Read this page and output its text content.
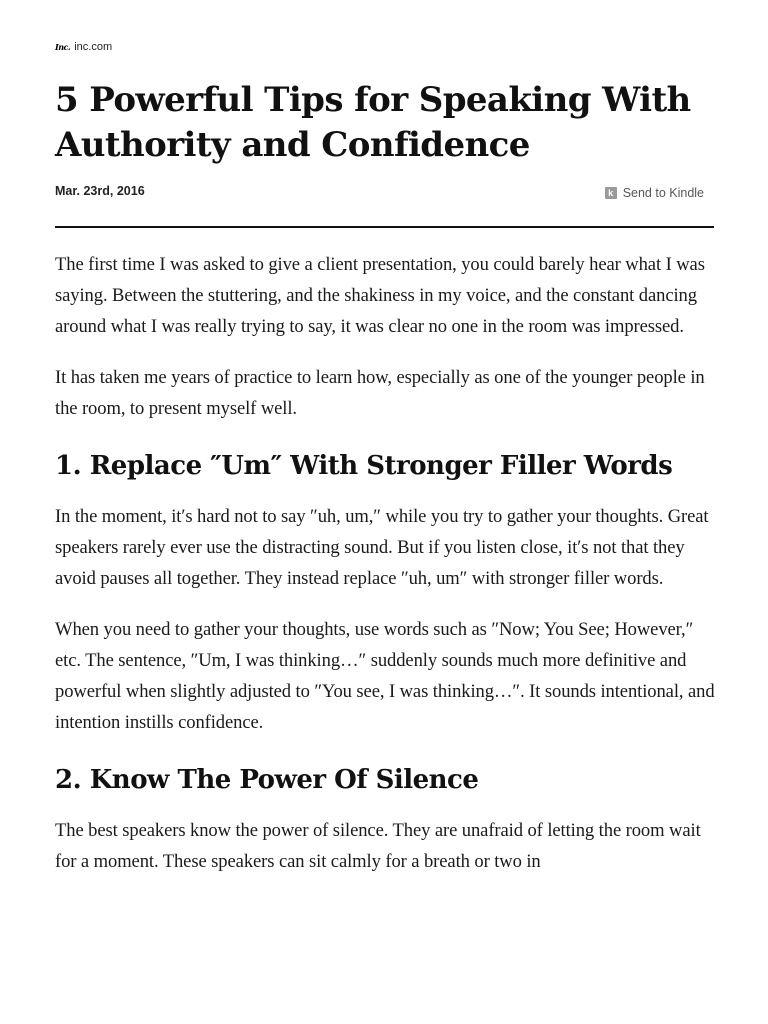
Inc. inc.com
5 Powerful Tips for Speaking With Authority and Confidence
Mar. 23rd, 2016	k Send to Kindle

The first time I was asked to give a client presentation, you could barely hear what I was saying. Between the stuttering, and the shakiness in my voice, and the constant dancing around what I was really trying to say, it was clear no one in the room was impressed.

It has taken me years of practice to learn how, especially as one of the younger people in the room, to present myself well.

1. Replace ″Um″ With Stronger Filler Words

In the moment, it′s hard not to say ″uh, um,″ while you try to gather your thoughts. Great speakers rarely ever use the distracting sound. But if you listen close, it′s not that they avoid pauses all together. They instead replace ″uh, um″ with stronger filler words.

When you need to gather your thoughts, use words such as ″Now; You See; However,″ etc. The sentence, ″Um, I was thinking…″ suddenly sounds much more definitive and powerful when slightly adjusted to ″You see, I was thinking…″. It sounds intentional, and intention instills confidence.

2. Know The Power Of Silence

The best speakers know the power of silence. They are unafraid of letting the room wait for a moment. These speakers can sit calmly for a breath or two in
